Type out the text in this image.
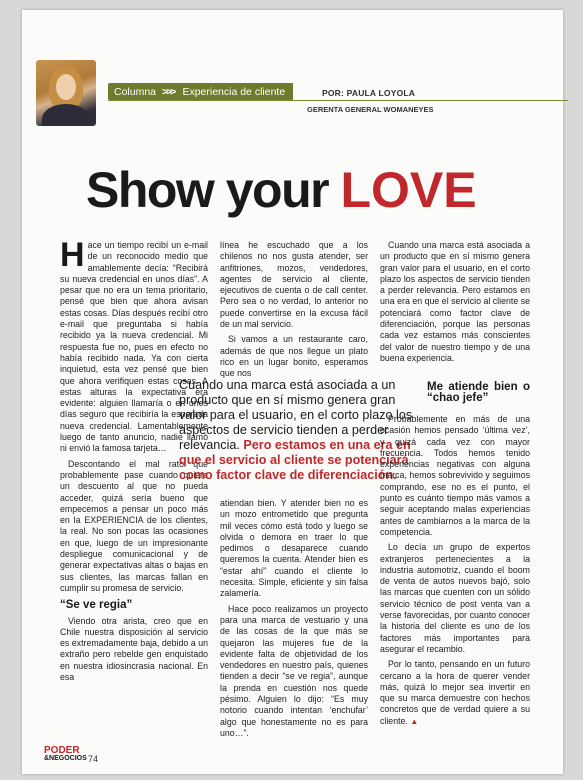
Columna >>> Experiencia de cliente	POR: PAULA LOYOLA
GERENTA GENERAL WOMANEYES
Show your LOVE

Hace un tiempo recibí un e-mail de un reconocido medio que amablemente decía: “Recibirá su nueva credencial en unos días”. A pesar que no era un tema prioritario, pensé que bien que ahora avisan estas cosas. Días después recibí otro e-mail que preguntaba si había recibido ya la nueva credencial. Mi respuesta fue no, pues en efecto no había recibido nada. Ya con cierta inquietud, esta vez pensé que bien que ahora verifiquen estas cosas. A estas alturas la expectativa era evidente: alguien llamaría o en unos días seguro que recibiría la esperada nueva credencial. Lamentablemente luego de tanto anuncio, nadie llamó ni envió la famosa tarjeta…

Descontando el mal rato que probablemente pase cuando quiera un descuento al que no pueda acceder, quizá sería bueno que empecemos a pensar un poco más en la EXPERIENCIA de los clientes, la real. No son pocas las ocasiones en que, luego de un impresionante despliegue comunicacional y de generar expectativas altas o bajas en sus clientes, las marcas fallan en cumplir su promesa de servicio.

“Se ve regia”

Viendo otra arista, creo que en Chile nuestra disposición al servicio es extremadamente baja, debido a un extraño pero rebelde gen enquistado en nuestra idiosincrasia nacional. En esa

línea he escuchado que a los chilenos no nos gusta atender, ser anfitriones, mozos, vendedores, agentes de servicio al cliente, ejecutivos de cuenta o de call center. Pero sea o no verdad, lo anterior no puede convertirse en la excusa fácil de un mal servicio.

Si vamos a un restaurante caro, además de que nos llegue un plato rico en un lugar bonito, esperamos que nos

Cuando una marca está asociada a un producto que en sí mismo genera gran valor para el usuario, en el corto plazo los aspectos de servicio tienden a perder relevancia. Pero estamos en una era en que el servicio al cliente se potenciará como factor clave de diferenciación.

atiendan bien. Y atender bien no es un mozo entrometido que pregunta mil veces cómo está todo y luego se olvida o demora en traer lo que pedimos o desaparece cuando queremos la cuenta. Atender bien es “estar ahí” cuando el cliente lo necesita. Simple, eficiente y sin falsa zalamería.

Hace poco realizamos un proyecto para una marca de vestuario y una de las cosas de la que más se quejaron las mujeres fue de la evidente falta de objetividad de los vendedores en nuestro país, quienes tienden a decir “se ve regia”, aunque la prenda en cuestión nos quede pésimo. Alguien lo dijo: “Es muy notorio cuando intentan ‘enchufar’ algo que honestamente no es para uno…”.

Cuando una marca está asociada a un producto que en sí mismo genera gran valor para el usuario, en el corto plazo los aspectos de servicio tienden a perder relevancia. Pero estamos en una era en que el servicio al cliente se potenciará como factor clave de diferenciación, porque las personas cada vez estamos más conscientes del valor de nuestro tiempo y de una buena experiencia.

Me atiende bien o “chao jefe”

Probablemente en más de una ocasión hemos pensado ‘última vez’, y quizá cada vez con mayor frecuencia. Todos hemos tenido experiencias negativas con alguna marca, hemos sobrevivido y seguimos comprando, ese no es el punto, el punto es cuánto tiempo más vamos a seguir aceptando malas experiencias antes de cambiarnos a la marca de la competencia.

Lo decía un grupo de expertos extranjeros pertenecientes a la industria automotriz, cuando el boom de venta de autos nuevos bajó, solo las marcas que cuenten con un sólido servicio técnico de post venta van a verse favorecidas, por cuanto conocer la historia del cliente es uno de los factores más importantes para asegurar el recambio.

Por lo tanto, pensando en un futuro cercano a la hora de querer vender más, quizá lo mejor sea invertir en que su marca demuestre con hechos concretos que de verdad quiere a su cliente. ▲

PODER
&NEGOCIOS 74
